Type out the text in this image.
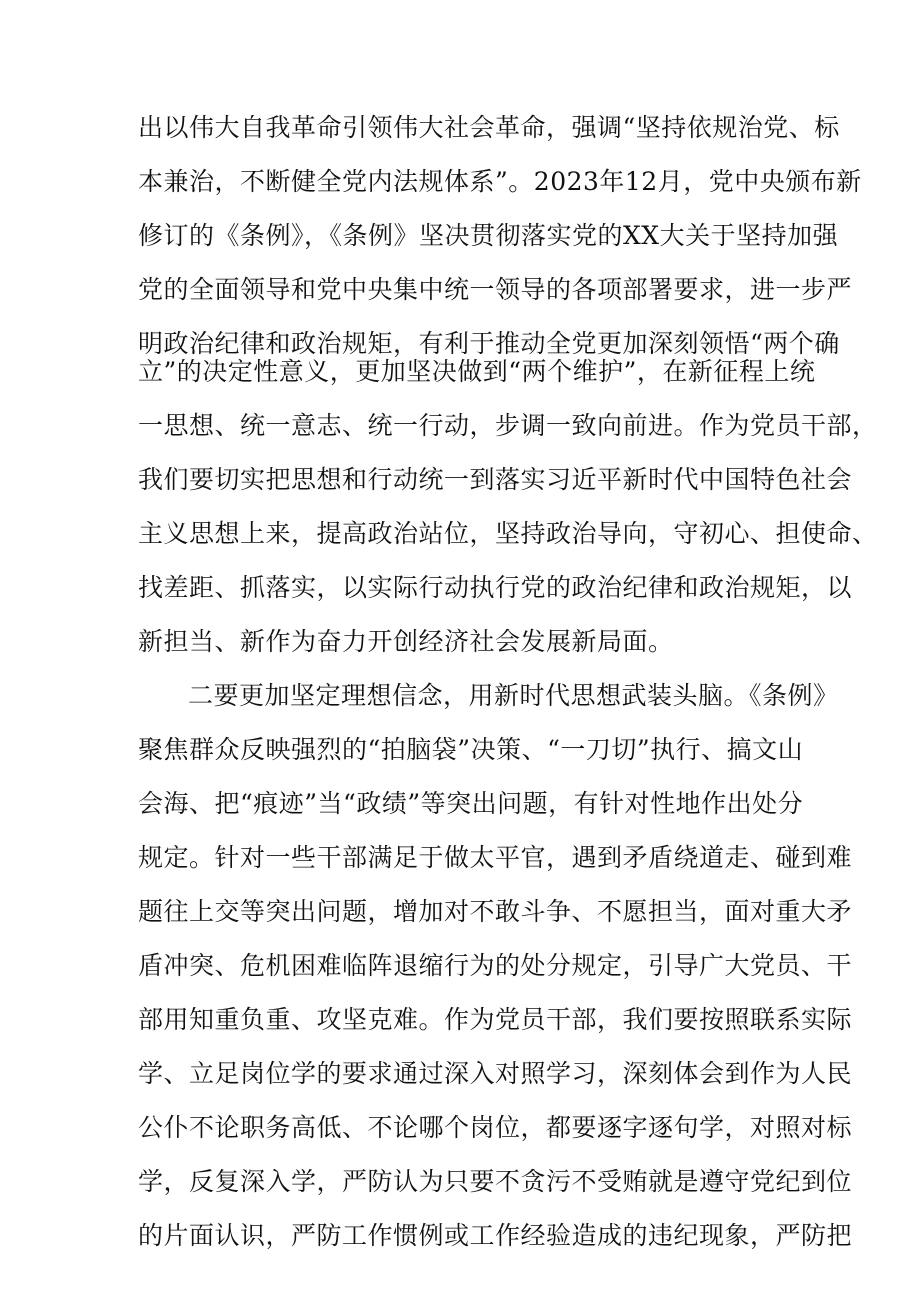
出以伟大自我革命引领伟大社会革命，强调“坚持依规治党、标
本兼治，不断健全党内法规体系”。2023年12月，党中央颁布新
修订的《条例》，《条例》坚决贯彻落实党的XX大关于坚持加强
党的全面领导和党中央集中统一领导的各项部署要求，进一步严
明政治纪律和政治规矩，有利于推动全党更加深刻领悟“两个确
立”的决定性意义，更加坚决做到“两个维护”，在新征程上统
一思想、统一意志、统一行动，步调一致向前进。作为党员干部，
我们要切实把思想和行动统一到落实习近平新时代中国特色社会
主义思想上来，提高政治站位，坚持政治导向，守初心、担使命、
找差距、抓落实，以实际行动执行党的政治纪律和政治规矩，以
新担当、新作为奋力开创经济社会发展新局面。
二要更加坚定理想信念，用新时代思想武装头脑。《条例》
聚焦群众反映强烈的“拍脑袋”决策、“一刀切”执行、搞文山
会海、把“痕迹”当“政绩”等突出问题，有针对性地作出处分
规定。针对一些干部满足于做太平官，遇到矛盾绕道走、碰到难
题往上交等突出问题，增加对不敢斗争、不愿担当，面对重大矛
盾冲突、危机困难临阵退缩行为的处分规定，引导广大党员、干
部用知重负重、攻坚克难。作为党员干部，我们要按照联系实际
学、立足岗位学的要求通过深入对照学习，深刻体会到作为人民
公仆不论职务高低、不论哪个岗位，都要逐字逐句学，对照对标
学，反复深入学，严防认为只要不贪污不受贿就是遵守党纪到位
的片面认识，严防工作惯例或工作经验造成的违纪现象，严防把
